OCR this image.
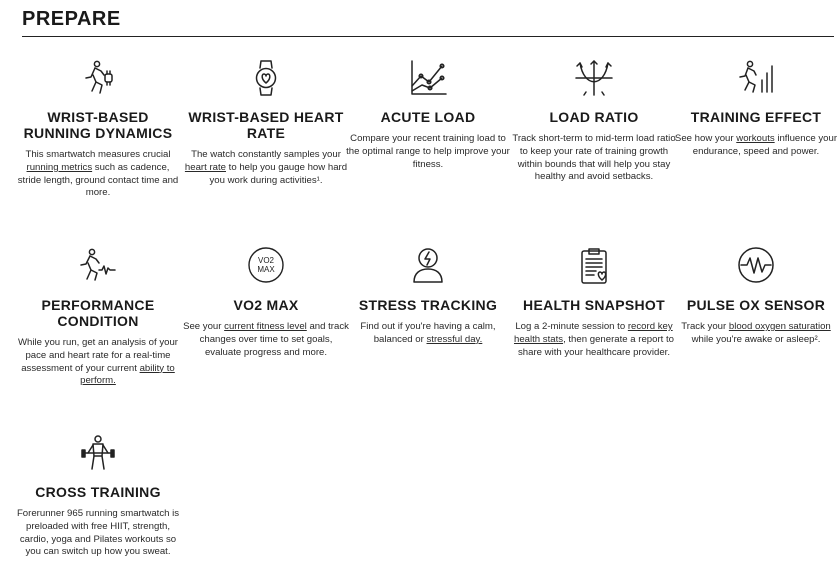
PREPARE
WRIST-BASED RUNNING DYNAMICS

This smartwatch measures crucial running metrics such as cadence, stride length, ground contact time and more.

WRIST-BASED HEART RATE

The watch constantly samples your heart rate to help you gauge how hard you work during activities¹.

ACUTE LOAD

Compare your recent training load to the optimal range to help improve your fitness.

LOAD RATIO

Track short-term to mid-term load ratio to keep your rate of training growth within bounds that will help you stay healthy and avoid setbacks.

TRAINING EFFECT

See how your workouts influence your endurance, speed and power.

PERFORMANCE CONDITION

While you run, get an analysis of your pace and heart rate for a real-time assessment of your current ability to perform.

VO2
MAX
VO2 MAX

See your current fitness level and track changes over time to set goals, evaluate progress and more.

STRESS TRACKING

Find out if you're having a calm, balanced or stressful day.

HEALTH SNAPSHOT

Log a 2-minute session to record key health stats, then generate a report to share with your healthcare provider.

PULSE OX SENSOR

Track your blood oxygen saturation while you're awake or asleep².

CROSS TRAINING

Forerunner 965 running smartwatch is preloaded with free HIIT, strength, cardio, yoga and Pilates workouts so you can switch up how you sweat.
